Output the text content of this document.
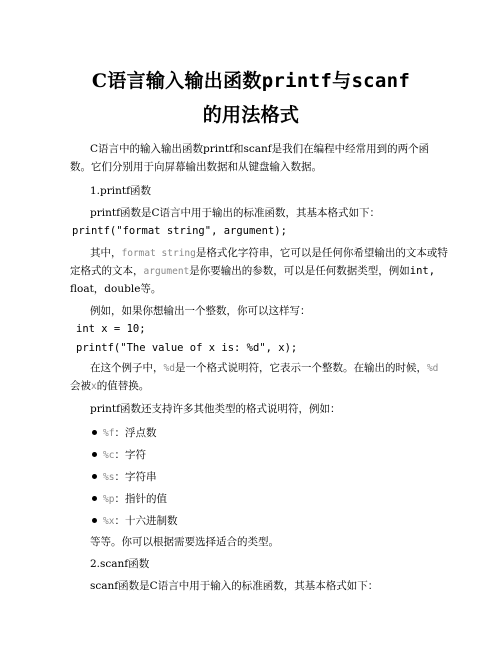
C语言输入输出函数printf与scanf
的用法格式
C语言中的输入输出函数printf和scanf是我们在编程中经常用到的两个函
数。它们分别用于向屏幕输出数据和从键盘输入数据。
1.printf函数
printf函数是C语言中用于输出的标准函数，其基本格式如下：
printf("format string", argument);
其中，format string是格式化字符串，它可以是任何你希望输出的文本或特
定格式的文本，argument是你要输出的参数，可以是任何数据类型，例如int,
float，double等。
例如，如果你想输出一个整数，你可以这样写：
int x = 10;
printf("The value of x is: %d", x);
在这个例子中，%d是一个格式说明符，它表示一个整数。在输出的时候，%d
会被x的值替换。
printf函数还支持许多其他类型的格式说明符，例如：
%f：浮点数
%c：字符
%s：字符串
%p：指针的值
%x：十六进制数
等等。你可以根据需要选择适合的类型。
2.scanf函数
scanf函数是C语言中用于输入的标准函数，其基本格式如下：
